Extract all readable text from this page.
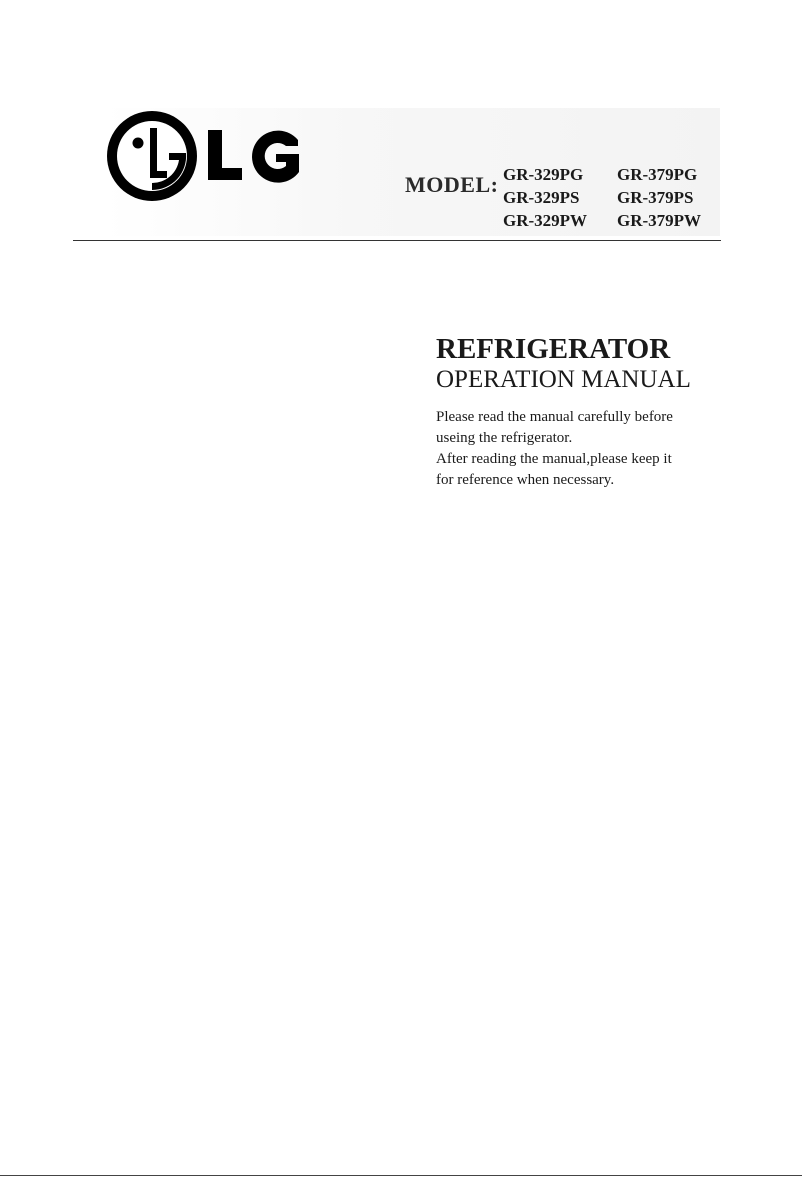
MODEL: GR-329PG	GR-379PG
GR-329PS	GR-379PS
GR-329PW	GR-379PW
REFRIGERATOR
OPERATION MANUAL
Please read the manual carefully before
useing the refrigerator.
After reading the manual,please keep it
for reference when necessary.
